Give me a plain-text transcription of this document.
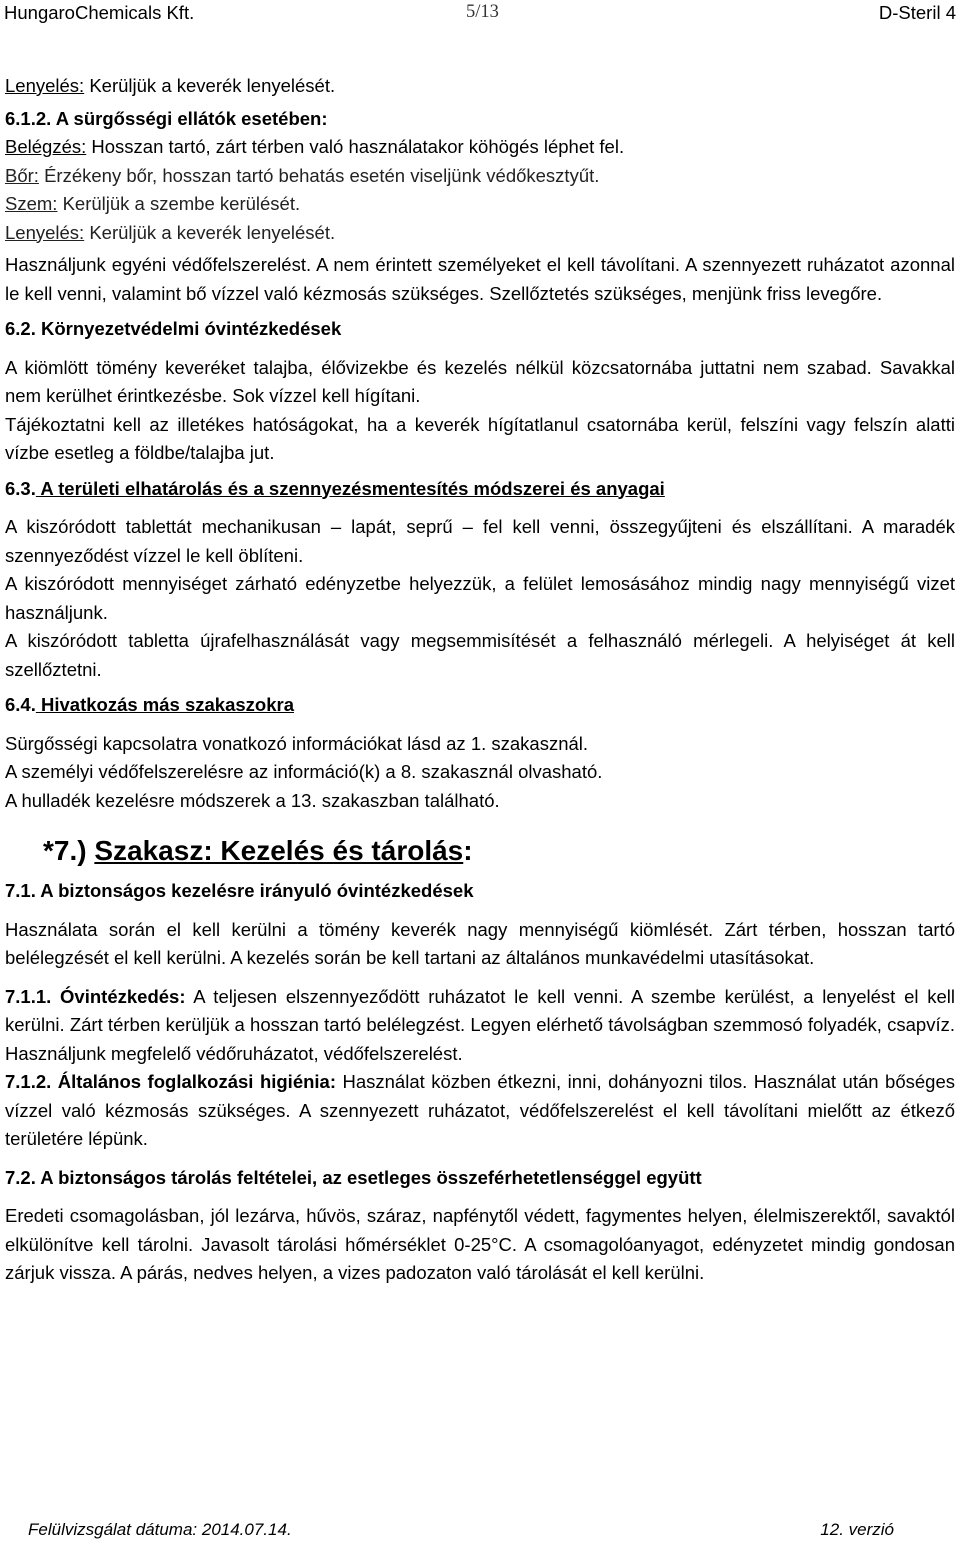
HungaroChemicals Kft.	5/13	D-Steril 4

Lenyelés: Kerüljük a keverék lenyelését.

6.1.2. A sürgősségi ellátók esetében:

Belégzés: Hosszan tartó, zárt térben való használatakor köhögés léphet fel.

Bőr: Érzékeny bőr, hosszan tartó behatás esetén viseljünk védőkesztyűt.

Szem: Kerüljük a szembe kerülését.

Lenyelés: Kerüljük a keverék lenyelését.

Használjunk egyéni védőfelszerelést. A nem érintett személyeket el kell távolítani. A szennyezett ruházatot azonnal le kell venni, valamint bő vízzel való kézmosás szükséges. Szellőztetés szükséges, menjünk friss levegőre.

6.2. Környezetvédelmi óvintézkedések

A kiömlött tömény keveréket talajba, élővizekbe és kezelés nélkül közcsatornába juttatni nem szabad. Savakkal nem kerülhet érintkezésbe. Sok vízzel kell hígítani.

Tájékoztatni kell az illetékes hatóságokat, ha a keverék hígítatlanul csatornába kerül, felszíni vagy felszín alatti vízbe esetleg a földbe/talajba jut.

6.3. A területi elhatárolás és a szennyezésmentesítés módszerei és anyagai

A kiszóródott tablettát mechanikusan – lapát, seprű – fel kell venni, összegyűjteni és elszállítani. A maradék szennyeződést vízzel le kell öblíteni.

A kiszóródott mennyiséget zárható edényzetbe helyezzük, a felület lemosásához mindig nagy mennyiségű vizet használjunk.

A kiszóródott tabletta újrafelhasználását vagy megsemmisítését a felhasználó mérlegeli. A helyiséget át kell szellőztetni.

6.4. Hivatkozás más szakaszokra

Sürgősségi kapcsolatra vonatkozó információkat lásd az 1. szakasznál.

A személyi védőfelszerelésre az információ(k) a 8. szakasznál olvasható.

A hulladék kezelésre módszerek a 13. szakaszban található.

*7.) Szakasz: Kezelés és tárolás:

7.1. A biztonságos kezelésre irányuló óvintézkedések

Használata során el kell kerülni a tömény keverék nagy mennyiségű kiömlését. Zárt térben, hosszan tartó belélegzését el kell kerülni. A kezelés során be kell tartani az általános munkavédelmi utasításokat.

7.1.1. Óvintézkedés: A teljesen elszennyeződött ruházatot le kell venni. A szembe kerülést, a lenyelést el kell kerülni. Zárt térben kerüljük a hosszan tartó belélegzést. Legyen elérhető távolságban szemmosó folyadék, csapvíz. Használjunk megfelelő védőruházatot, védőfelszerelést.

7.1.2. Általános foglalkozási higiénia: Használat közben étkezni, inni, dohányozni tilos. Használat után bőséges vízzel való kézmosás szükséges. A szennyezett ruházatot, védőfelszerelést el kell távolítani mielőtt az étkező területére lépünk.

7.2. A biztonságos tárolás feltételei, az esetleges összeférhetetlenséggel együtt

Eredeti csomagolásban, jól lezárva, hűvös, száraz, napfénytől védett, fagymentes helyen, élelmiszerektől, savaktól elkülönítve kell tárolni. Javasolt tárolási hőmérséklet 0-25°C. A csomagolóanyagot, edényzetet mindig gondosan zárjuk vissza. A párás, nedves helyen, a vizes padozaton való tárolását el kell kerülni.

Felülvizsgálat dátuma: 2014.07.14.	12. verzió
